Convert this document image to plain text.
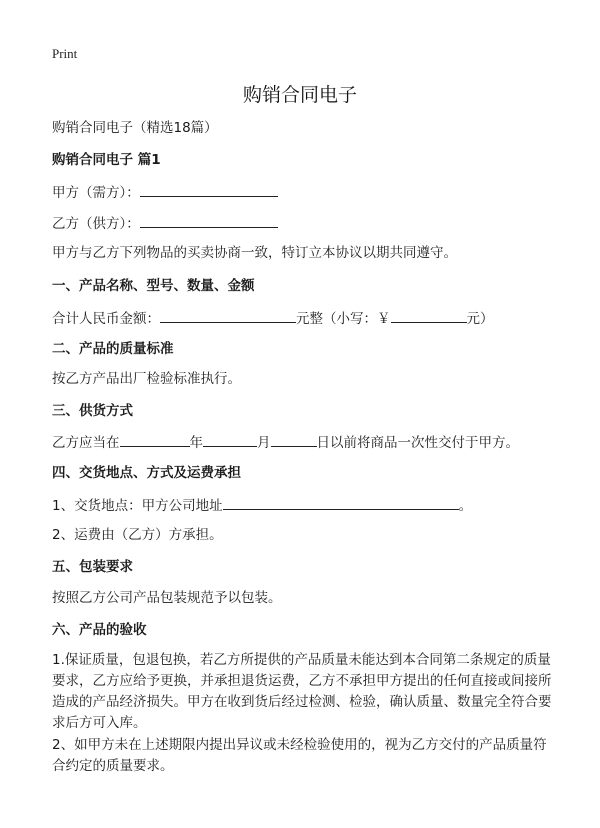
Print
购销合同电子
购销合同电子（精选18篇）
购销合同电子 篇1
甲方（需方）：
乙方（供方）：
甲方与乙方下列物品的买卖协商一致，特订立本协议以期共同遵守。
一、产品名称、型号、数量、金额
合计人民币金额：	元整（小写：￥	元）
二、产品的质量标准
按乙方产品出厂检验标准执行。
三、供货方式
乙方应当在	年	月	日以前将商品一次性交付于甲方。
四、交货地点、方式及运费承担
1、交货地点：甲方公司地址	。
2、运费由（乙方）方承担。
五、包装要求
按照乙方公司产品包装规范予以包装。
六、产品的验收
1.保证质量，包退包换，若乙方所提供的产品质量未能达到本合同第二条规定的质量要求，乙方应给予更换，并承担退货运费，乙方不承担甲方提出的任何直接或间接所造成的产品经济损失。甲方在收到货后经过检测、检验，确认质量、数量完全符合要求后方可入库。
2、如甲方未在上述期限内提出异议或未经检验使用的，视为乙方交付的产品质量符合约定的质量要求。
